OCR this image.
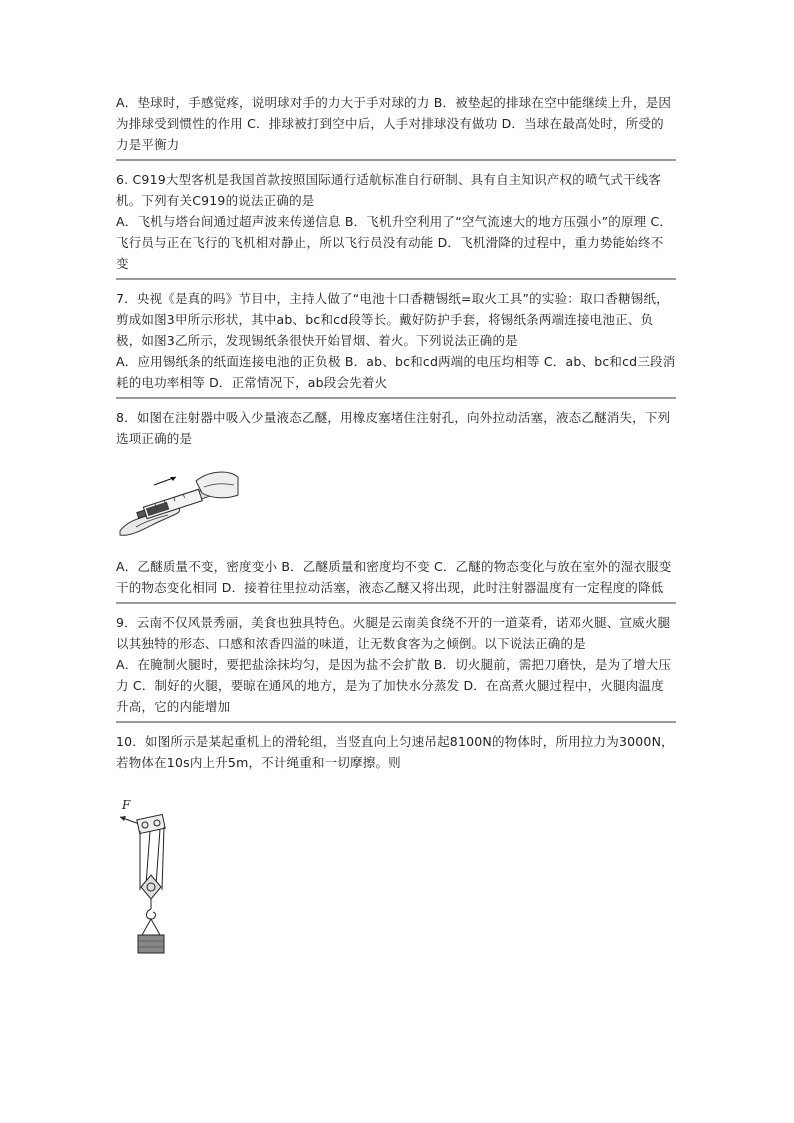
A．垫球时，手感觉疼，说明球对手的力大于手对球的力 B．被垫起的排球在空中能继续上升，是因为排球受到惯性的作用 C．排球被打到空中后，人手对排球没有做功 D．当球在最高处时，所受的力是平衡力
6. C919大型客机是我国首款按照国际通行适航标准自行研制、具有自主知识产权的喷气式干线客机。下列有关C919的说法正确的是
A．飞机与塔台间通过超声波来传递信息 B．飞机升空利用了“空气流速大的地方压强小”的原理 C．飞行员与正在飞行的飞机相对静止，所以飞行员没有动能 D．飞机滑降的过程中，重力势能始终不变
7．央视《是真的吗》节目中，主持人做了“电池十口香糖锡纸=取火工具”的实验：取口香糖锡纸，剪成如图3甲所示形状，其中ab、bc和cd段等长。戴好防护手套，将锡纸条两端连接电池正、负极，如图3乙所示，发现锡纸条很快开始冒烟、着火。下列说法正确的是
A．应用锡纸条的纸面连接电池的正负极 B．ab、bc和cd两端的电压均相等 C．ab、bc和cd三段消耗的电功率相等 D．正常情况下，ab段会先着火
8．如图在注射器中吸入少量液态乙醚，用橡皮塞堵住注射孔，向外拉动活塞，液态乙醚消失，下列选项正确的是
A．乙醚质量不变，密度变小 B．乙醚质量和密度均不变 C．乙醚的物态变化与放在室外的湿衣服变干的物态变化相同 D．接着往里拉动活塞，液态乙醚又将出现，此时注射器温度有一定程度的降低
9．云南不仅风景秀丽，美食也独具特色。火腿是云南美食绕不开的一道菜肴，诺邓火腿、宣威火腿以其独特的形态、口感和浓香四溢的味道，让无数食客为之倾倒。以下说法正确的是
A．在腌制火腿时，要把盐涂抹均匀，是因为盐不会扩散 B．切火腿前，需把刀磨快，是为了增大压力 C．制好的火腿，要晾在通风的地方，是为了加快水分蒸发 D．在高煮火腿过程中，火腿肉温度升高，它的内能增加
10．如图所示是某起重机上的滑轮组，当竖直向上匀速吊起8100N的物体时，所用拉力为3000N，若物体在10s内上升5m，不计绳重和一切摩擦。则
F
